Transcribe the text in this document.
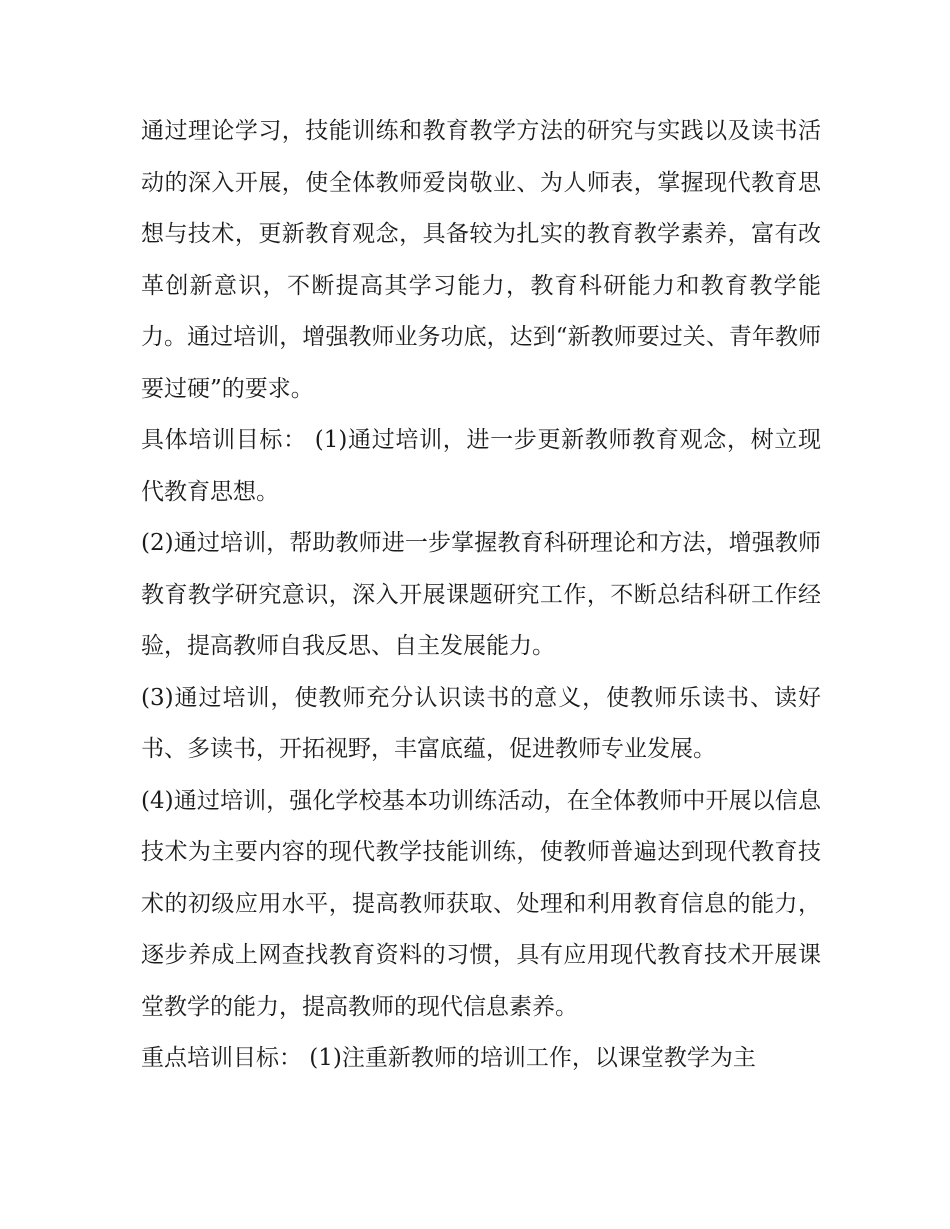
通过理论学习，技能训练和教育教学方法的研究与实践以及读书活动的深入开展，使全体教师爱岗敬业、为人师表，掌握现代教育思想与技术，更新教育观念，具备较为扎实的教育教学素养，富有改革创新意识，不断提高其学习能力，教育科研能力和教育教学能力。通过培训，增强教师业务功底，达到“新教师要过关、青年教师要过硬”的要求。

具体培训目标： (1)通过培训，进一步更新教师教育观念，树立现代教育思想。

(2)通过培训，帮助教师进一步掌握教育科研理论和方法，增强教师教育教学研究意识，深入开展课题研究工作，不断总结科研工作经验，提高教师自我反思、自主发展能力。

(3)通过培训，使教师充分认识读书的意义，使教师乐读书、读好书、多读书，开拓视野，丰富底蕴，促进教师专业发展。

(4)通过培训，强化学校基本功训练活动，在全体教师中开展以信息技术为主要内容的现代教学技能训练，使教师普遍达到现代教育技术的初级应用水平，提高教师获取、处理和利用教育信息的能力，逐步养成上网查找教育资料的习惯，具有应用现代教育技术开展课堂教学的能力，提高教师的现代信息素养。

重点培训目标： (1)注重新教师的培训工作，以课堂教学为主
